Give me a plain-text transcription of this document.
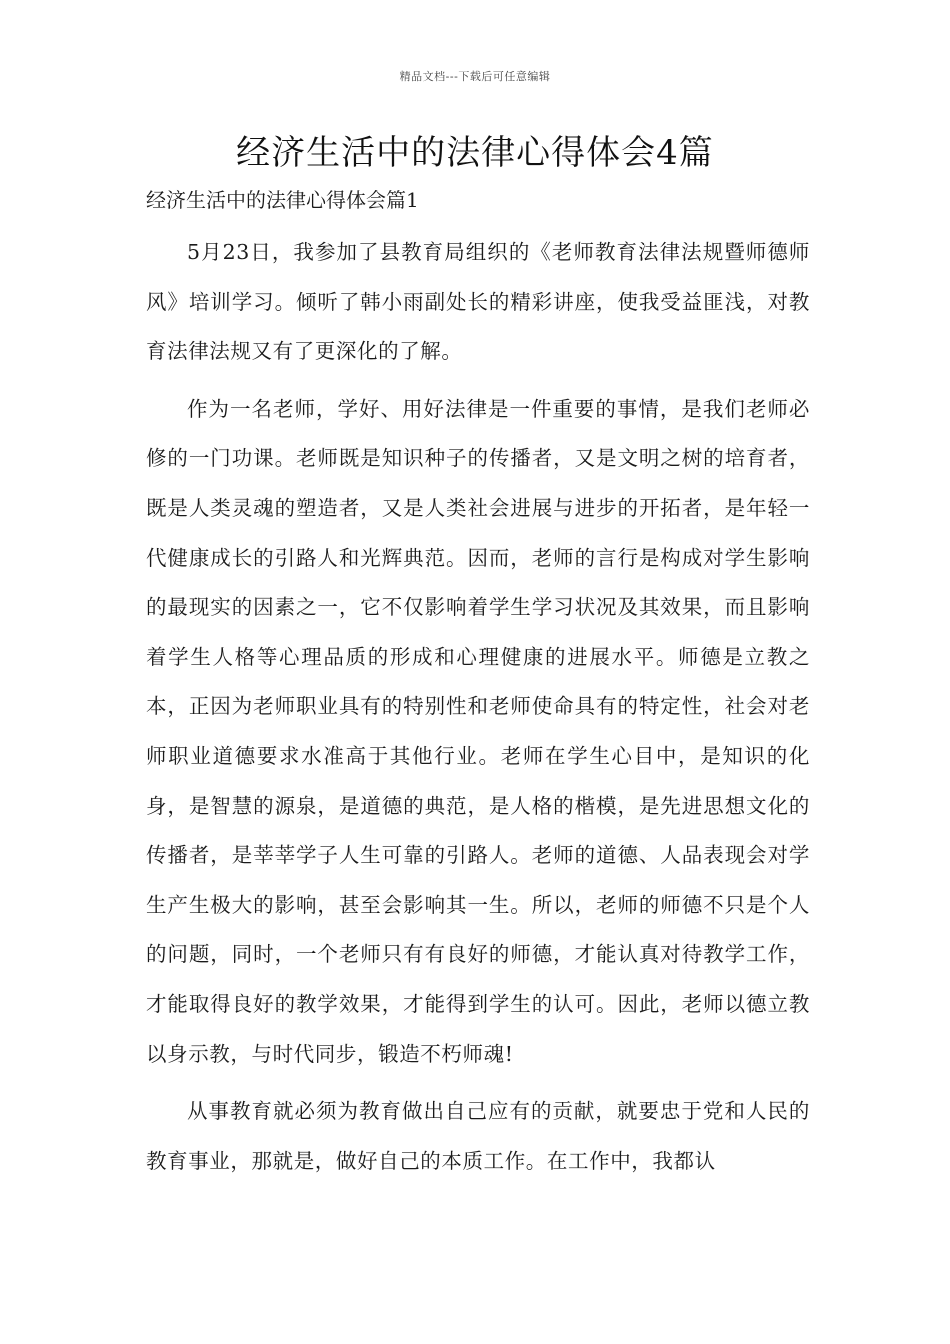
精品文档---下载后可任意编辑
经济生活中的法律心得体会4篇

经济生活中的法律心得体会篇1

5月23日，我参加了县教育局组织的《老师教育法律法规暨师德师风》培训学习。倾听了韩小雨副处长的精彩讲座，使我受益匪浅，对教育法律法规又有了更深化的了解。

作为一名老师，学好、用好法律是一件重要的事情，是我们老师必修的一门功课。老师既是知识种子的传播者，又是文明之树的培育者，既是人类灵魂的塑造者，又是人类社会进展与进步的开拓者，是年轻一代健康成长的引路人和光辉典范。因而，老师的言行是构成对学生影响的最现实的因素之一，它不仅影响着学生学习状况及其效果，而且影响着学生人格等心理品质的形成和心理健康的进展水平。师德是立教之本，正因为老师职业具有的特别性和老师使命具有的特定性，社会对老师职业道德要求水准高于其他行业。老师在学生心目中，是知识的化身，是智慧的源泉，是道德的典范，是人格的楷模，是先进思想文化的传播者，是莘莘学子人生可靠的引路人。老师的道德、人品表现会对学生产生极大的影响，甚至会影响其一生。所以，老师的师德不只是个人的问题，同时，一个老师只有有良好的师德，才能认真对待教学工作，才能取得良好的教学效果，才能得到学生的认可。因此，老师以德立教以身示教，与时代同步，锻造不朽师魂!

从事教育就必须为教育做出自己应有的贡献，就要忠于党和人民的教育事业，那就是，做好自己的本质工作。在工作中，我都认
